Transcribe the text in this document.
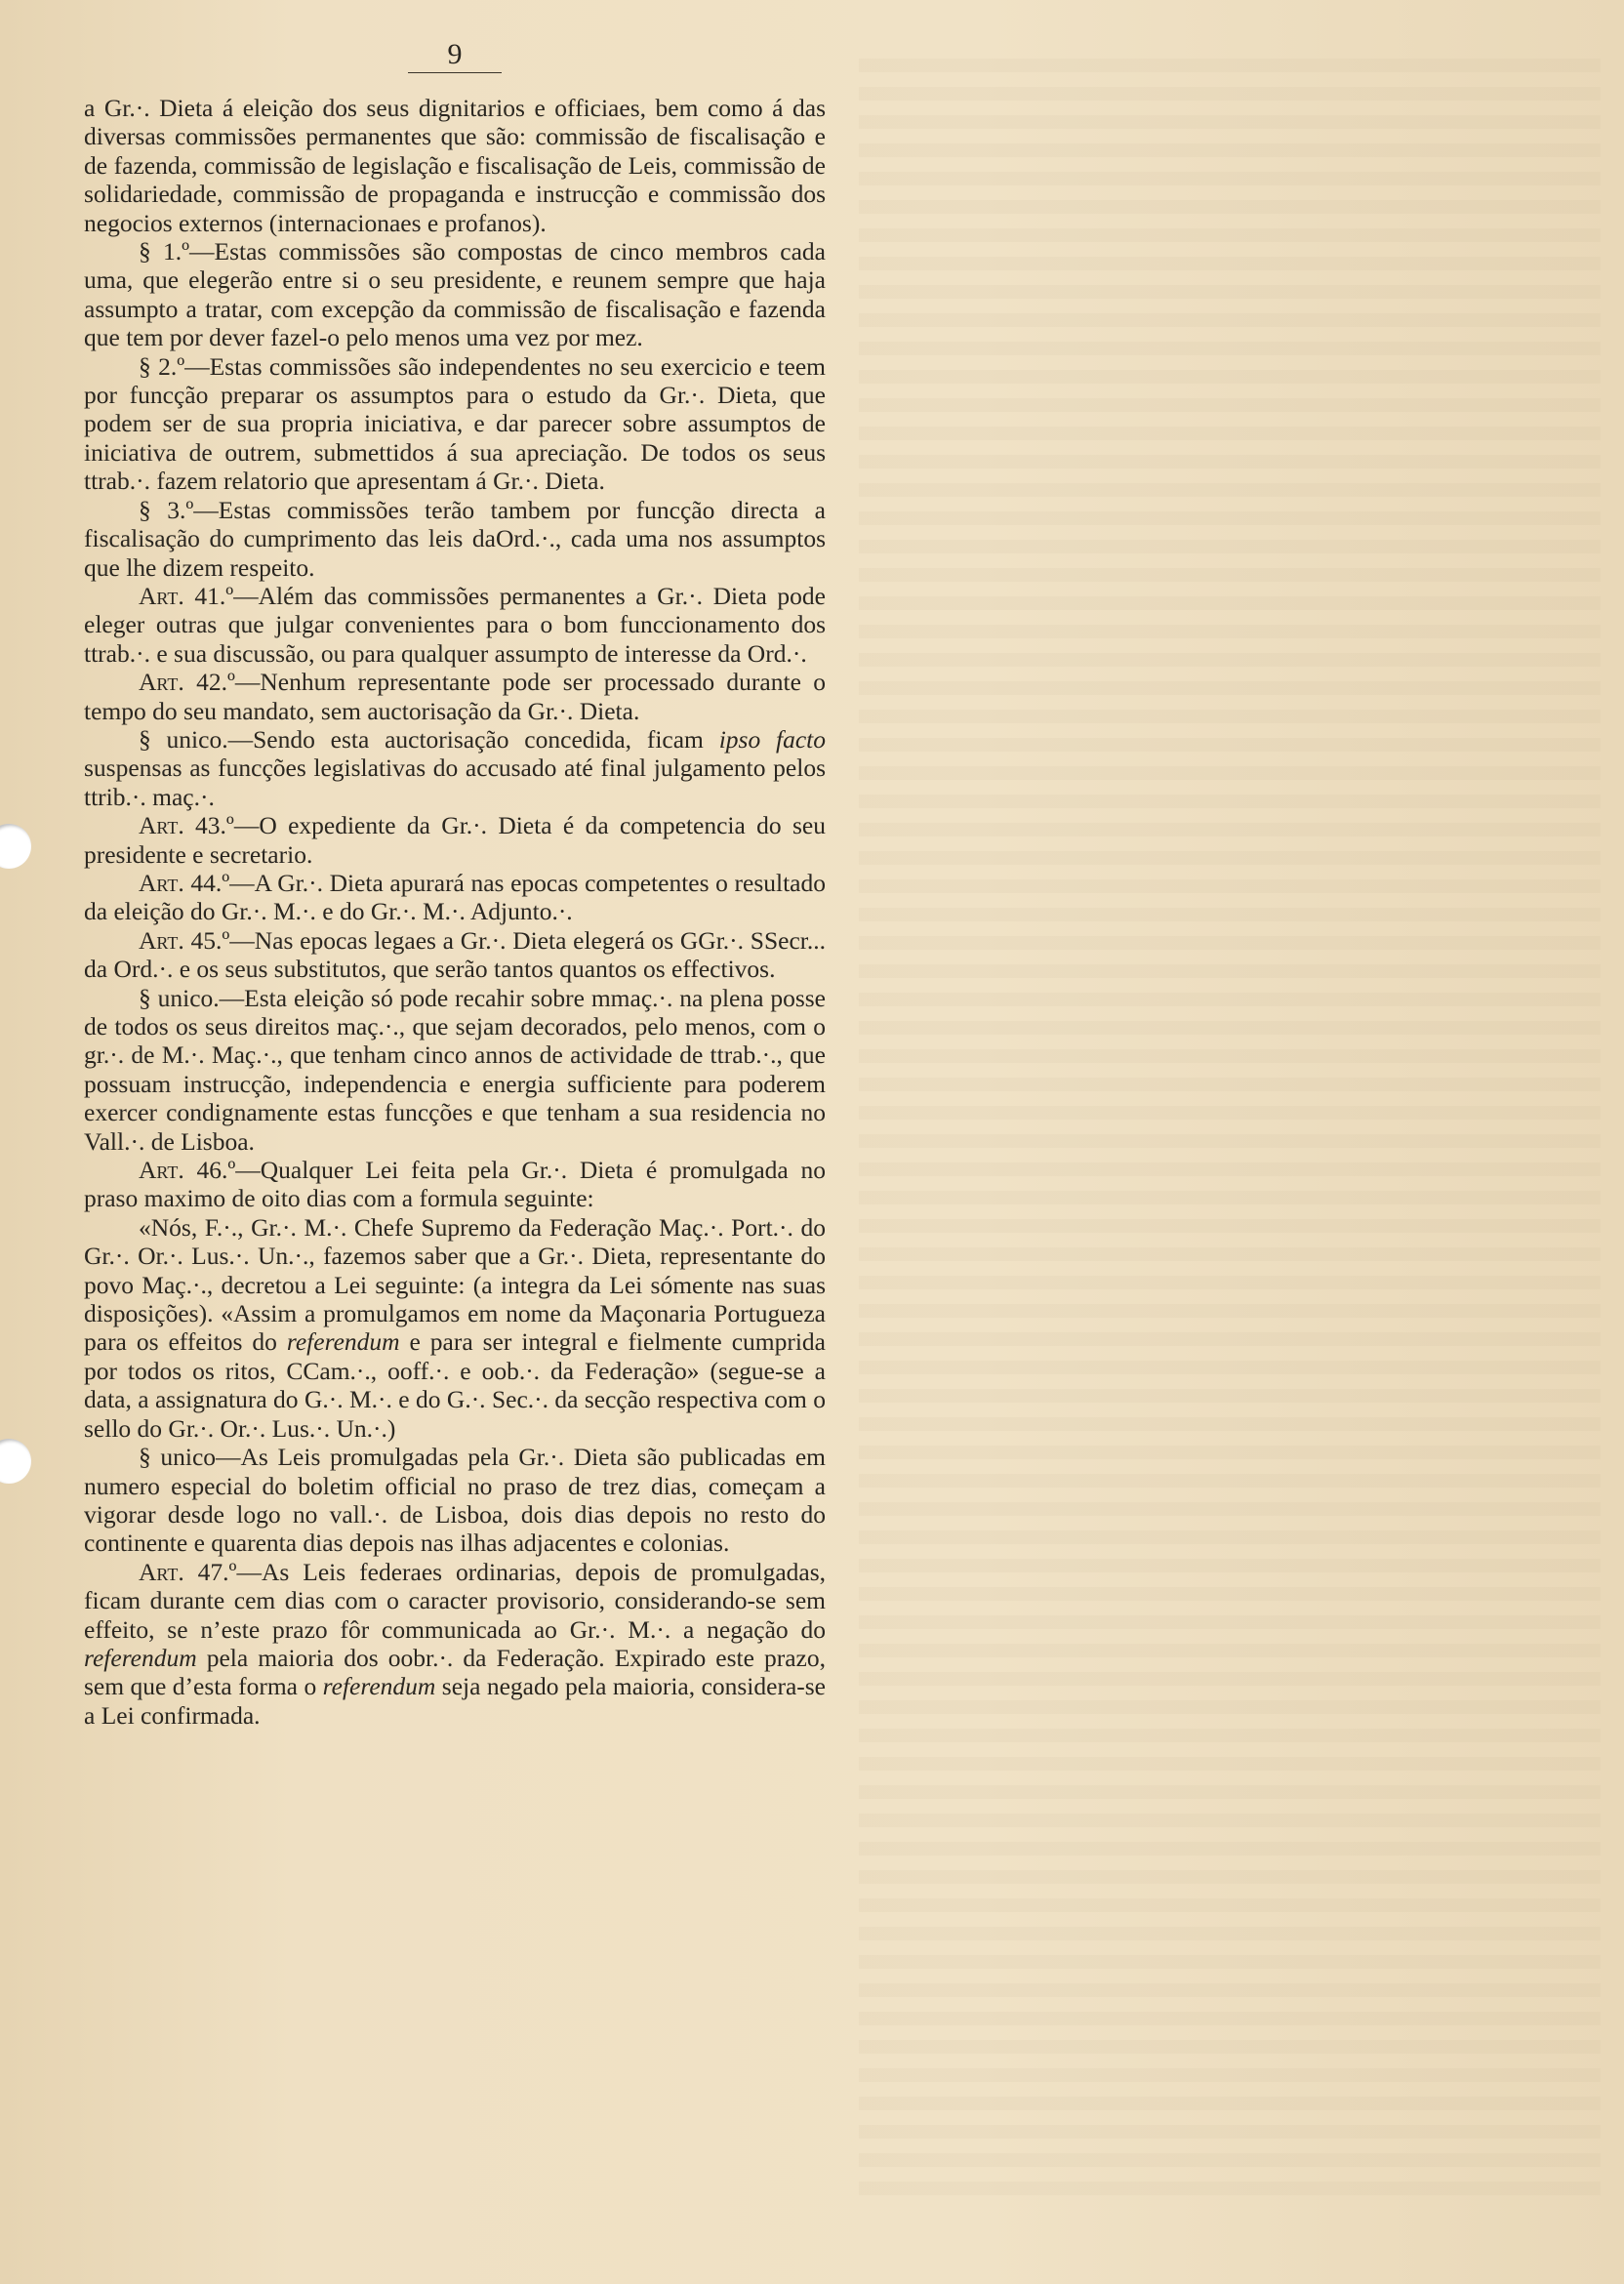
9

a Gr.·. Dieta á eleição dos seus dignitarios e officiaes, bem como á das diversas commissões permanentes que são: commissão de fiscalisação e de fazenda, commissão de legislação e fiscalisação de Leis, commissão de solidariedade, commissão de propaganda e instrucção e commissão dos negocios externos (internacionaes e profanos).

§ 1.º—Estas commissões são compostas de cinco membros cada uma, que elegerão entre si o seu presidente, e reunem sempre que haja assumpto a tratar, com excepção da commissão de fiscalisação e fazenda que tem por dever fazel-o pelo menos uma vez por mez.

§ 2.º—Estas commissões são independentes no seu exercicio e teem por funcção preparar os assumptos para o estudo da Gr.·. Dieta, que podem ser de sua propria iniciativa, e dar parecer sobre assumptos de iniciativa de outrem, submettidos á sua apreciação. De todos os seus ttrab.·. fazem relatorio que apresentam á Gr.·. Dieta.

§ 3.º—Estas commissões terão tambem por funcção directa a fiscalisação do cumprimento das leis daOrd.·., cada uma nos assumptos que lhe dizem respeito.

Art. 41.º—Além das commissões permanentes a Gr.·. Dieta pode eleger outras que julgar convenientes para o bom funccionamento dos ttrab.·. e sua discussão, ou para qualquer assumpto de interesse da Ord.·.

Art. 42.º—Nenhum representante pode ser processado durante o tempo do seu mandato, sem auctorisação da Gr.·. Dieta.

§ unico.—Sendo esta auctorisação concedida, ficam ipso facto suspensas as funcções legislativas do accusado até final julgamento pelos ttrib.·. maç.·.

Art. 43.º—O expediente da Gr.·. Dieta é da competencia do seu presidente e secretario.

Art. 44.º—A Gr.·. Dieta apurará nas epocas competentes o resultado da eleição do Gr.·. M.·. e do Gr.·. M.·. Adjunto.·.

Art. 45.º—Nas epocas legaes a Gr.·. Dieta elegerá os GGr.·. SSecr... da Ord.·. e os seus substitutos, que serão tantos quantos os effectivos.

§ unico.—Esta eleição só pode recahir sobre mmaç.·. na plena posse de todos os seus direitos maç.·., que sejam decorados, pelo menos, com o gr.·. de M.·. Maç.·., que tenham cinco annos de actividade de ttrab.·., que possuam instrucção, independencia e energia sufficiente para poderem exercer condignamente estas funcções e que tenham a sua residencia no Vall.·. de Lisboa.

Art. 46.º—Qualquer Lei feita pela Gr.·. Dieta é promulgada no praso maximo de oito dias com a formula seguinte:

«Nós, F.·., Gr.·. M.·. Chefe Supremo da Federação Maç.·. Port.·. do Gr.·. Or.·. Lus.·. Un.·., fazemos saber que a Gr.·. Dieta, representante do povo Maç.·., decretou a Lei seguinte: (a integra da Lei sómente nas suas disposições). «Assim a promulgamos em nome da Maçonaria Portugueza para os effeitos do referendum e para ser integral e fielmente cumprida por todos os ritos, CCam.·., ooff.·. e oob.·. da Federação» (segue-se a data, a assignatura do G.·. M.·. e do G.·. Sec.·. da secção respectiva com o sello do Gr.·. Or.·. Lus.·. Un.·.)

§ unico—As Leis promulgadas pela Gr.·. Dieta são publicadas em numero especial do boletim official no praso de trez dias, começam a vigorar desde logo no vall.·. de Lisboa, dois dias depois no resto do continente e quarenta dias depois nas ilhas adjacentes e colonias.

Art. 47.º—As Leis federaes ordinarias, depois de promulgadas, ficam durante cem dias com o caracter provisorio, considerando-se sem effeito, se n’este prazo fôr communicada ao Gr.·. M.·. a negação do referendum pela maioria dos oobr.·. da Federação. Expirado este prazo, sem que d’esta forma o referendum seja negado pela maioria, considera-se a Lei confirmada.
